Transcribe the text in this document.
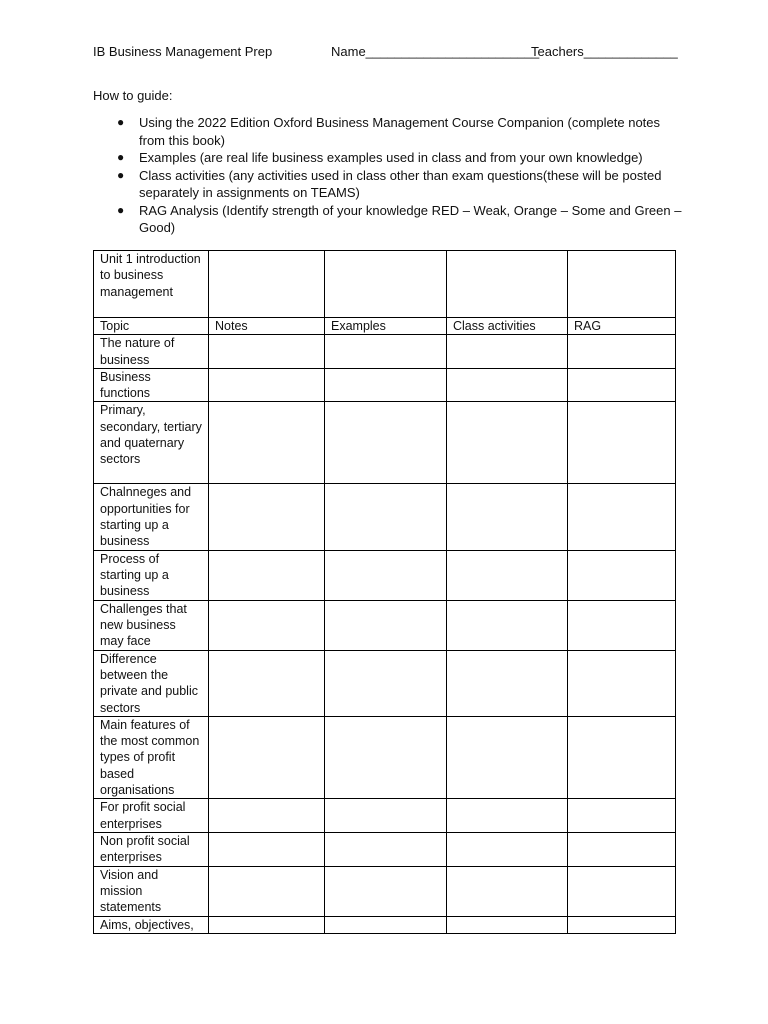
IB Business Management Prep	Name________________________
Teachers_____________
How to guide:
● Using the 2022 Edition Oxford Business Management Course Companion (complete notes from this book)
● Examples (are real life business examples used in class and from your own knowledge)
● Class activities (any activities used in class other than exam questions(these will be posted separately in assignments on TEAMS)
● RAG Analysis (Identify strength of your knowledge RED – Weak, Orange – Some and Green – Good)
Unit 1 introduction to business management				
Topic	Notes	Examples	Class activities	RAG
The nature of business				
Business functions				
Primary, secondary, tertiary and quaternary sectors				
Chalnneges and opportunities for starting up a business				
Process of starting up a business				
Challenges that new business may face				
Difference between the private and public sectors				
Main features of the most common types of profit based organisations				
For profit social enterprises				
Non profit social enterprises				
Vision and mission statements				
Aims, objectives,				
